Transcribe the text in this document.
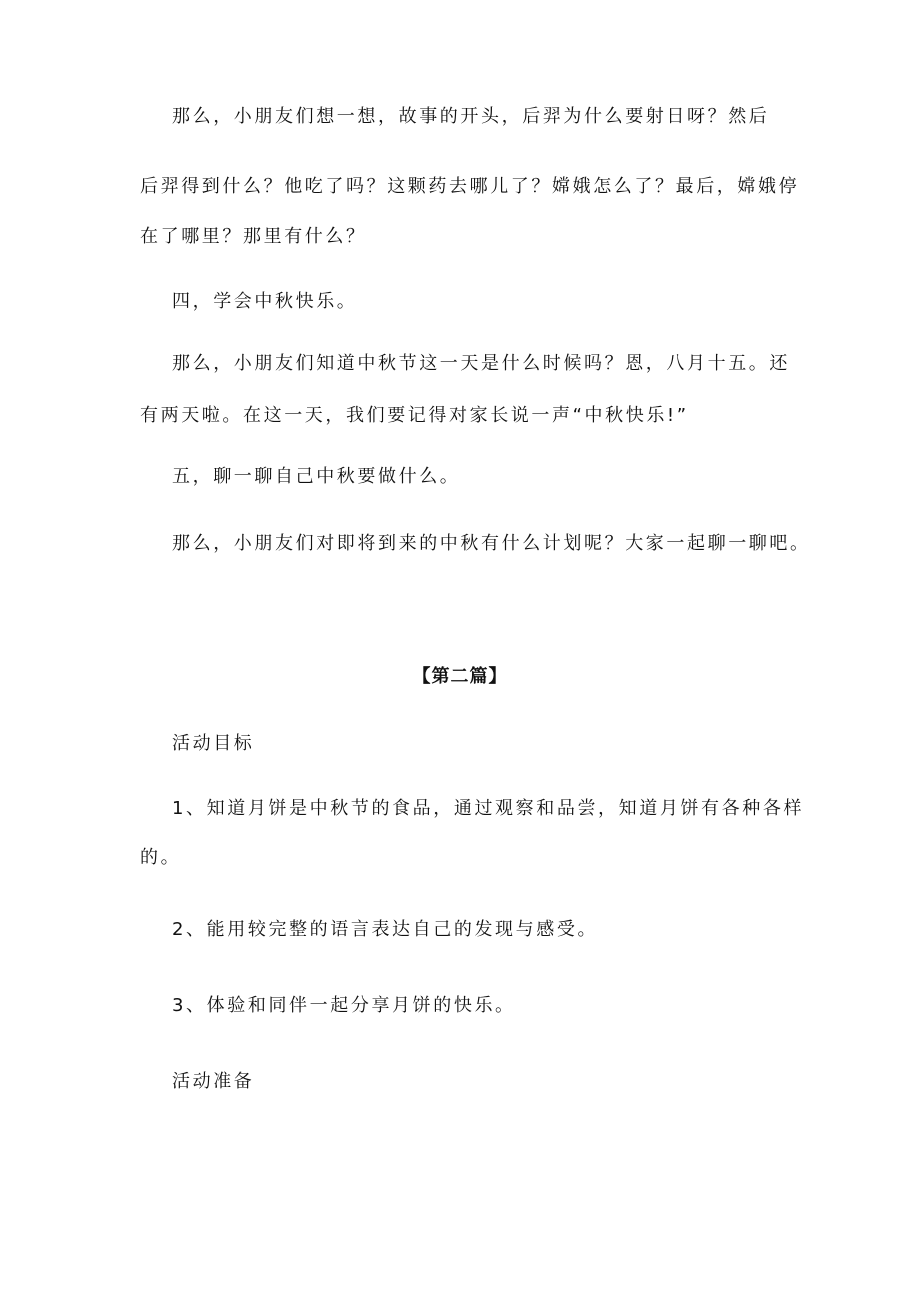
那么，小朋友们想一想，故事的开头，后羿为什么要射日呀？然后
后羿得到什么？他吃了吗？这颗药去哪儿了？嫦娥怎么了？最后，嫦娥停
在了哪里？那里有什么？
四，学会中秋快乐。
那么，小朋友们知道中秋节这一天是什么时候吗？恩，八月十五。还
有两天啦。在这一天，我们要记得对家长说一声“中秋快乐!”
五，聊一聊自己中秋要做什么。
那么，小朋友们对即将到来的中秋有什么计划呢？大家一起聊一聊吧。
【第二篇】
活动目标
1、知道月饼是中秋节的食品，通过观察和品尝，知道月饼有各种各样
的。
2、能用较完整的语言表达自己的发现与感受。
3、体验和同伴一起分享月饼的快乐。
活动准备
